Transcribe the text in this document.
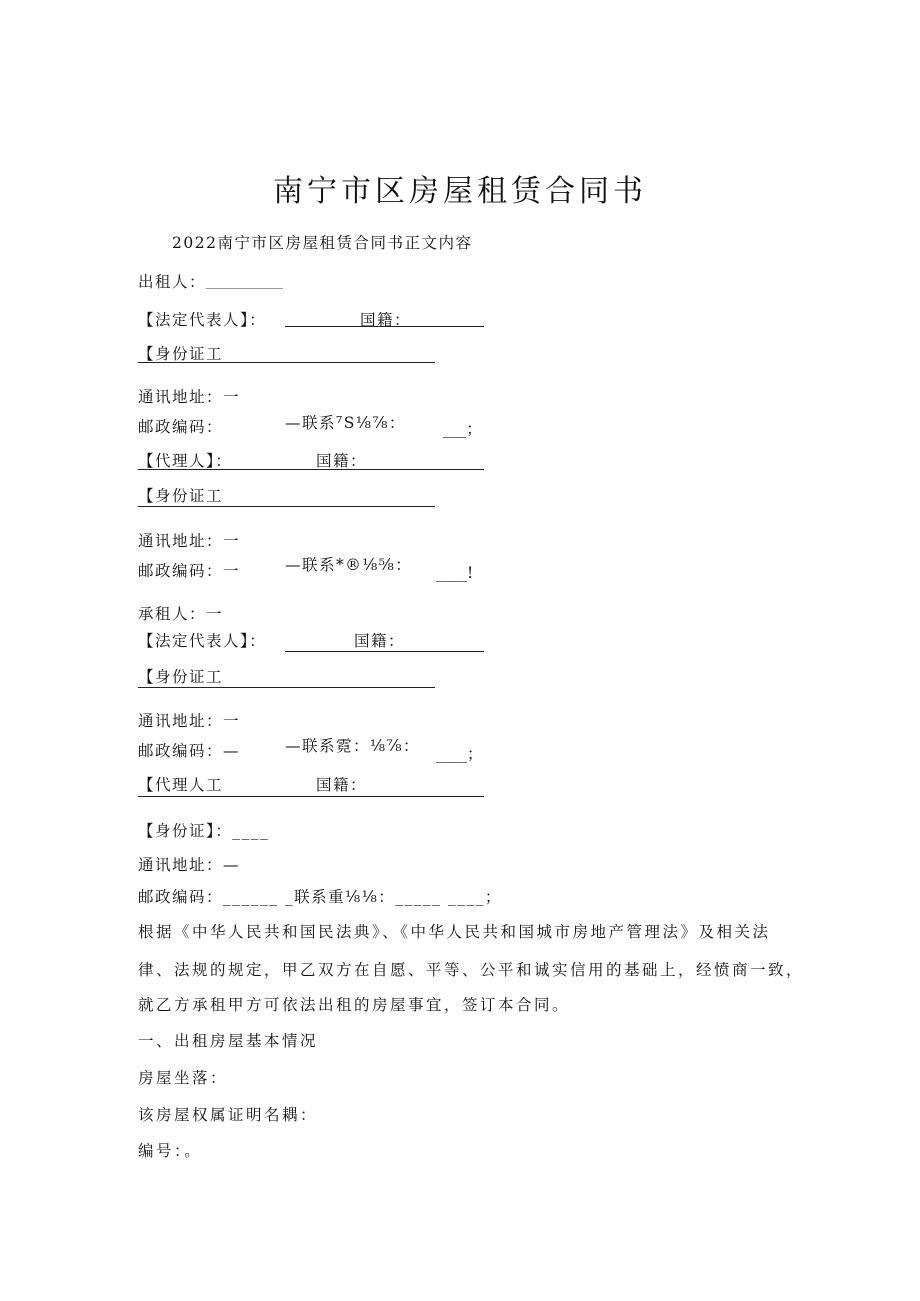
南宁市区房屋租赁合同书
2022南宁市区房屋租赁合同书正文内容
出租人：
【法定代表人】：	国籍：
【身份证工
通讯地址：一
邮政编码：	—联系⁷S⅛⅞： ___；
【代理人】：	国籍：
【身份证工
通讯地址：一
邮政编码：一	—联系*®⅛⅝： ____!
承租人：一
【法定代表人】：	国籍：
【身份证工
通讯地址：一
邮政编码：—	—联系霓：⅛⅞： ____；
【代理人工	国籍：
【身份证】：____
通讯地址：—
邮政编码：______ _联系重⅛⅛：_____ ____；
根据《中华人民共和国民法典》、《中华人民共和国城市房地产管理法》及相关法
律、法规的规定，甲乙双方在自愿、平等、公平和诚实信用的基础上，经愤商一致，
就乙方承租甲方可依法出租的房屋事宜，签订本合同。
一、出租房屋基本情况
房屋坐落：
该房屋权属证明名耦：
编号：。
